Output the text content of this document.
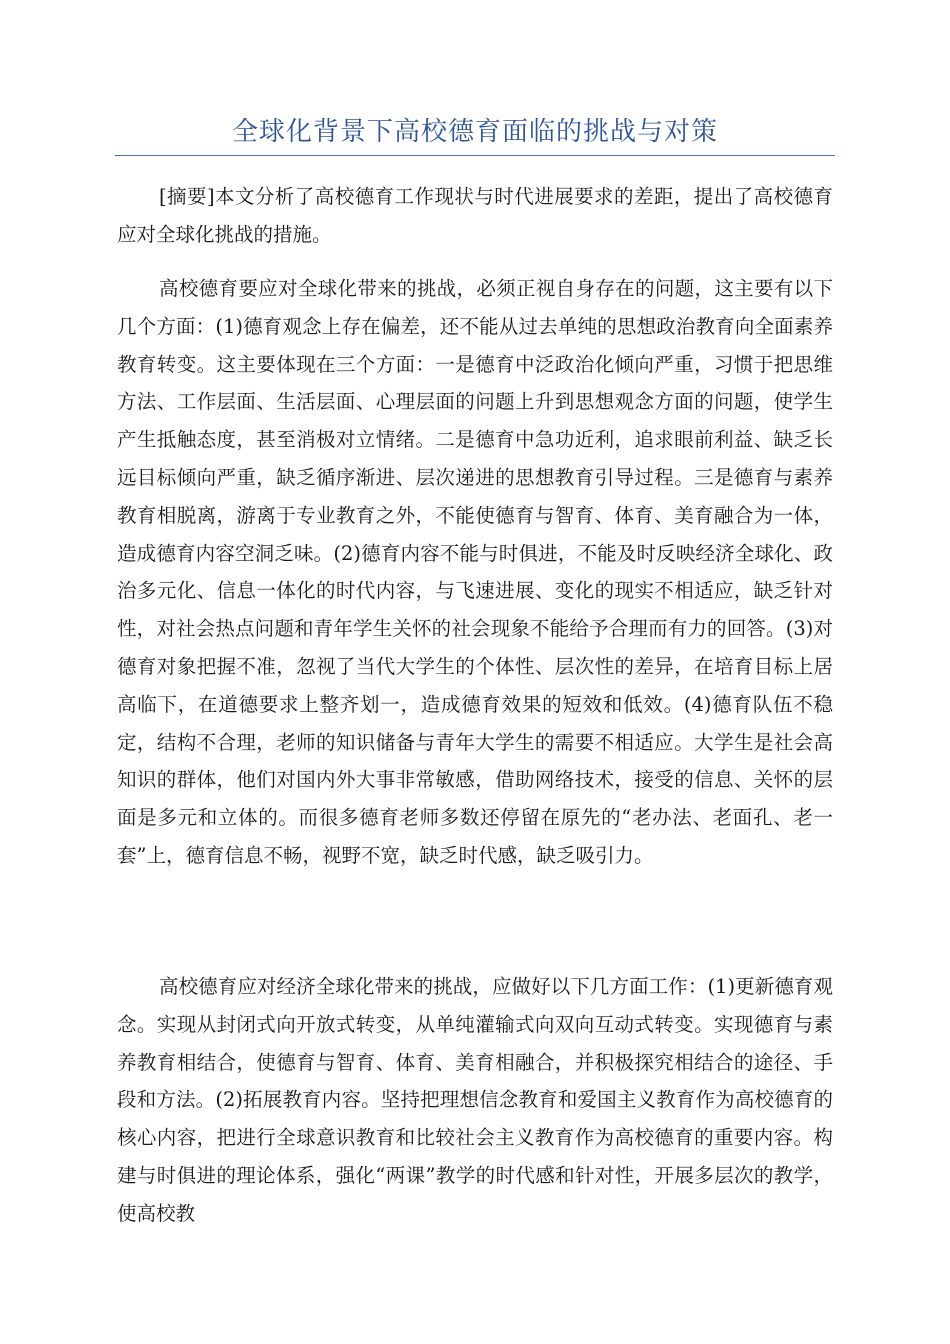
全球化背景下高校德育面临的挑战与对策

[摘要]本文分析了高校德育工作现状与时代进展要求的差距，提出了高校德育应对全球化挑战的措施。

高校德育要应对全球化带来的挑战，必须正视自身存在的问题，这主要有以下几个方面：(1)德育观念上存在偏差，还不能从过去单纯的思想政治教育向全面素养教育转变。这主要体现在三个方面：一是德育中泛政治化倾向严重，习惯于把思维方法、工作层面、生活层面、心理层面的问题上升到思想观念方面的问题，使学生产生抵触态度，甚至消极对立情绪。二是德育中急功近利，追求眼前利益、缺乏长远目标倾向严重，缺乏循序渐进、层次递进的思想教育引导过程。三是德育与素养教育相脱离，游离于专业教育之外，不能使德育与智育、体育、美育融合为一体，造成德育内容空洞乏味。(2)德育内容不能与时俱进，不能及时反映经济全球化、政治多元化、信息一体化的时代内容，与飞速进展、变化的现实不相适应，缺乏针对性，对社会热点问题和青年学生关怀的社会现象不能给予合理而有力的回答。(3)对德育对象把握不准，忽视了当代大学生的个体性、层次性的差异，在培育目标上居高临下，在道德要求上整齐划一，造成德育效果的短效和低效。(4)德育队伍不稳定，结构不合理，老师的知识储备与青年大学生的需要不相适应。大学生是社会高知识的群体，他们对国内外大事非常敏感，借助网络技术，接受的信息、关怀的层面是多元和立体的。而很多德育老师多数还停留在原先的“老办法、老面孔、老一套”上，德育信息不畅，视野不宽，缺乏时代感，缺乏吸引力。

高校德育应对经济全球化带来的挑战，应做好以下几方面工作：(1)更新德育观念。实现从封闭式向开放式转变，从单纯灌输式向双向互动式转变。实现德育与素养教育相结合，使德育与智育、体育、美育相融合，并积极探究相结合的途径、手段和方法。(2)拓展教育内容。坚持把理想信念教育和爱国主义教育作为高校德育的核心内容，把进行全球意识教育和比较社会主义教育作为高校德育的重要内容。构建与时俱进的理论体系，强化“两课”教学的时代感和针对性，开展多层次的教学，使高校教
